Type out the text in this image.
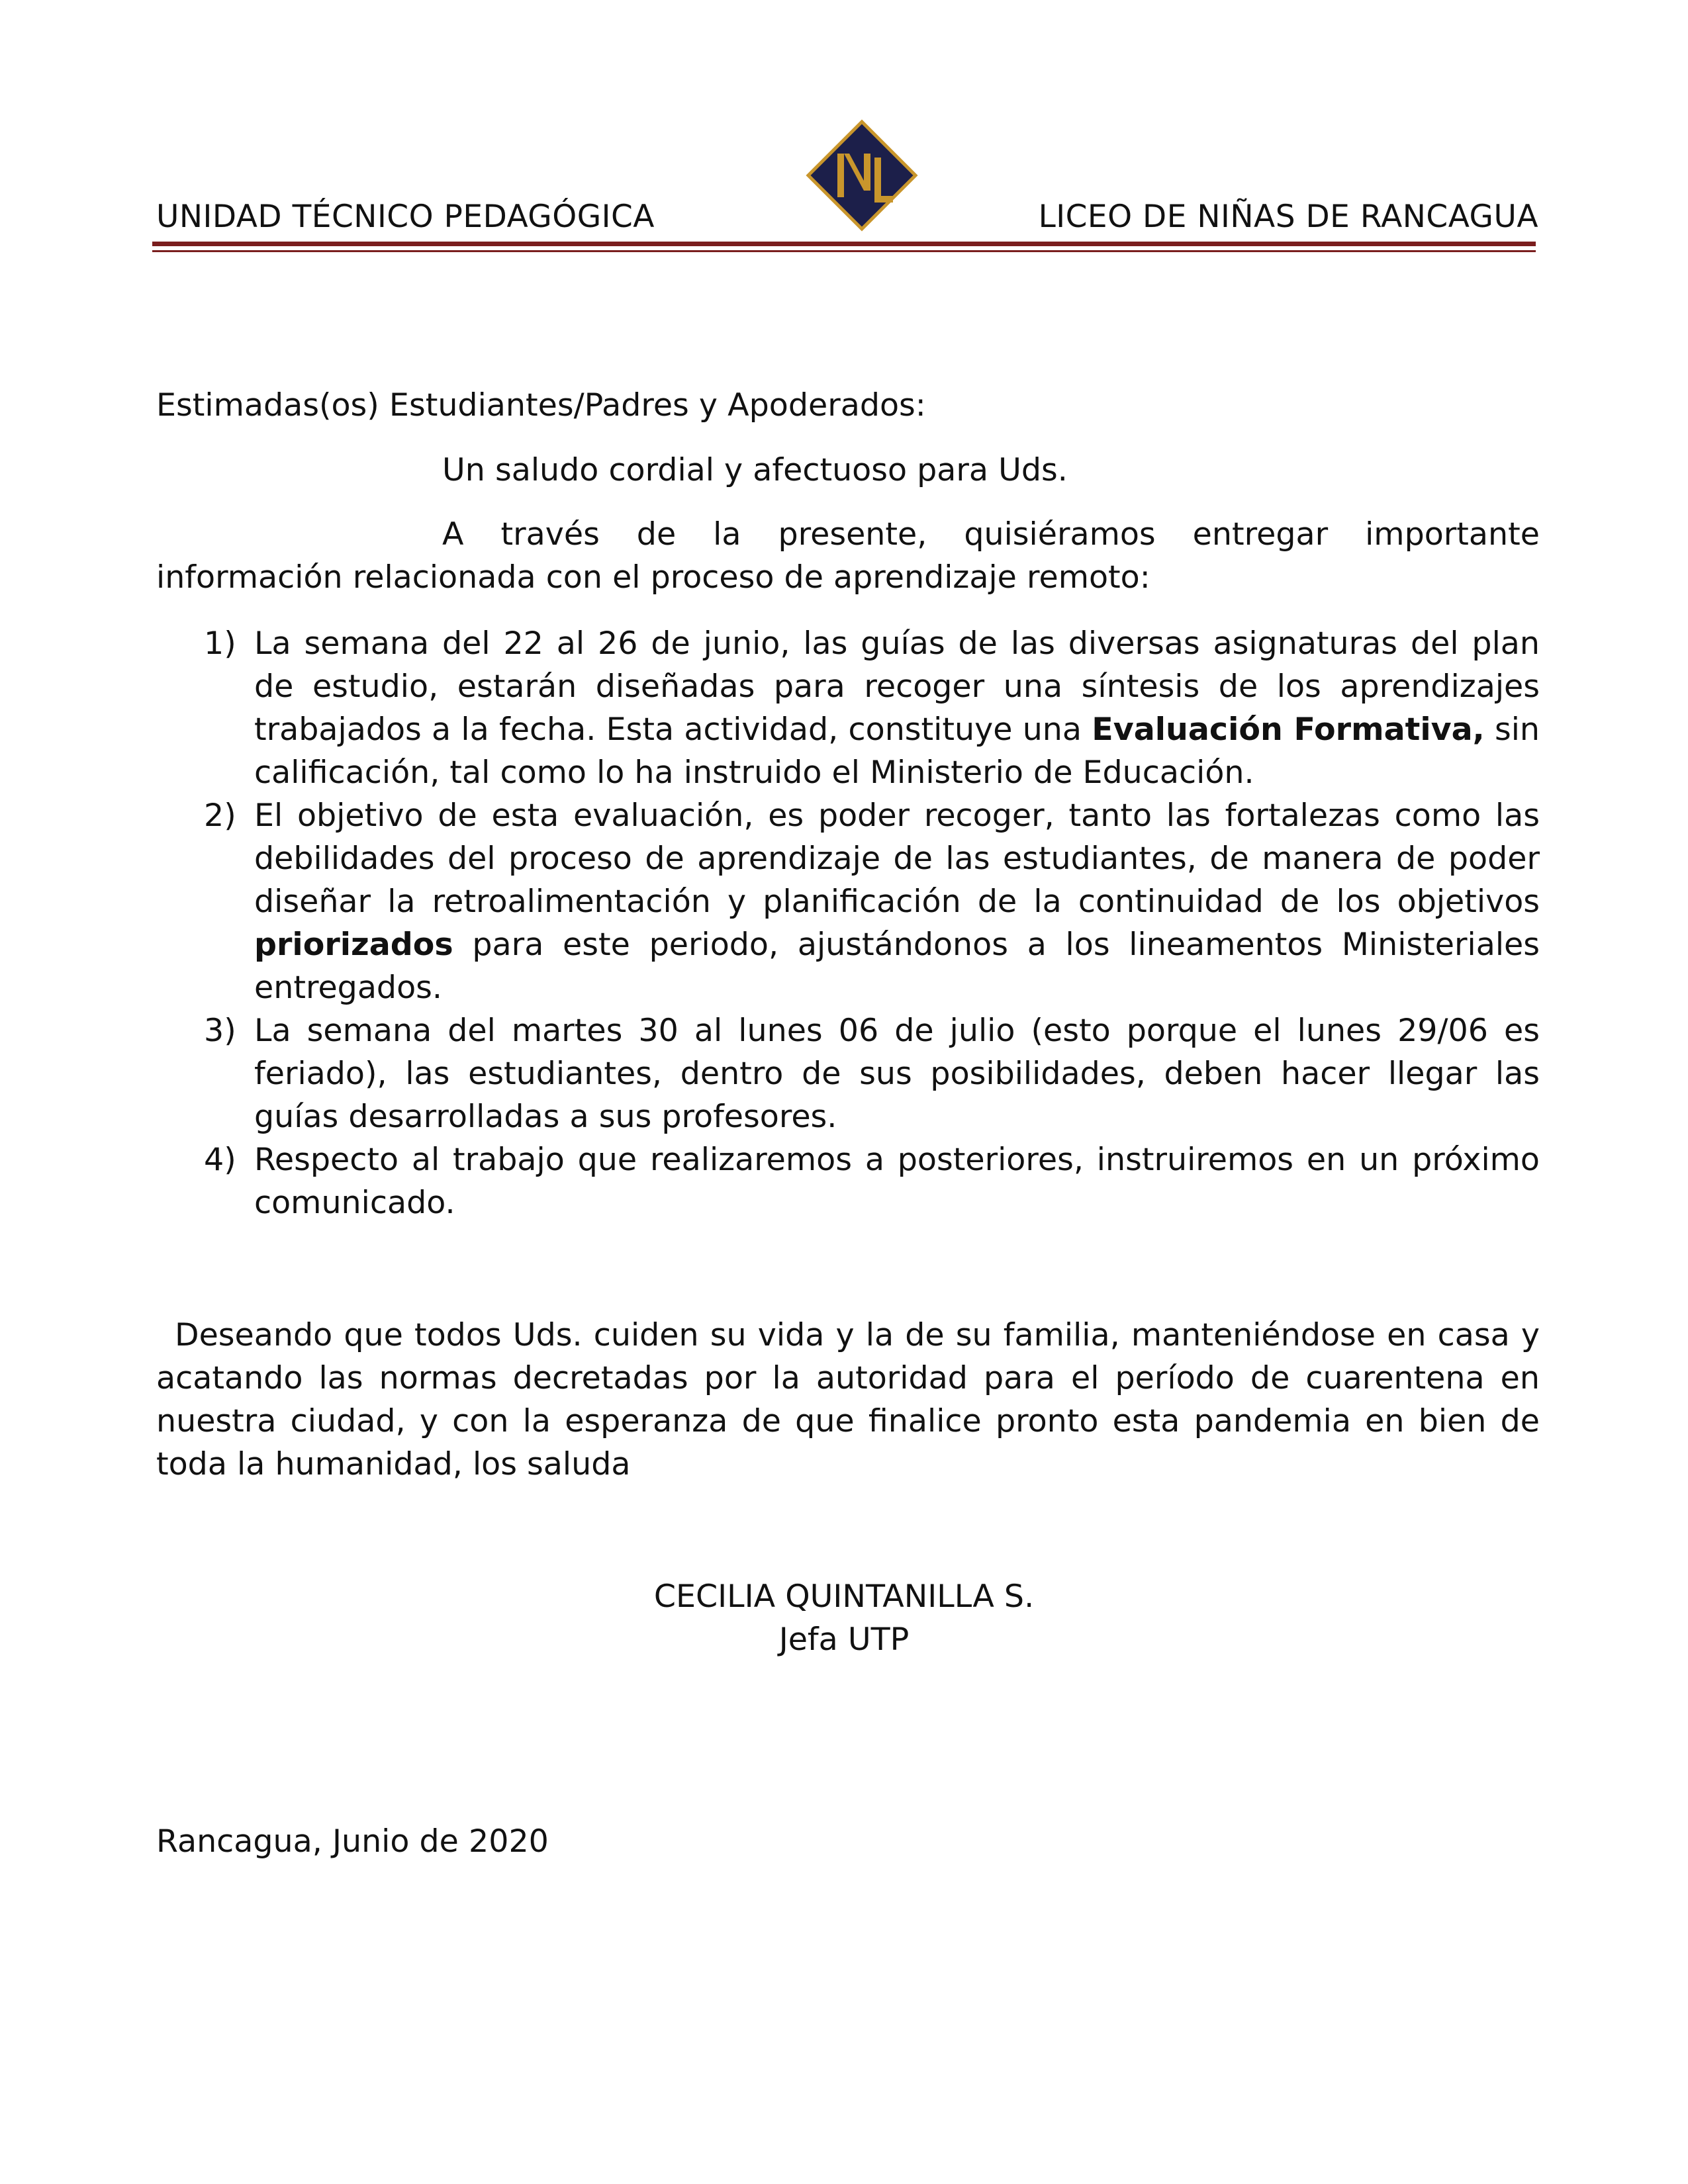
UNIDAD TÉCNICO PEDAGÓGICA	LICEO DE NIÑAS DE RANCAGUA
Estimadas(os) Estudiantes/Padres y Apoderados:
Un saludo cordial y afectuoso para Uds.
A través de la presente, quisiéramos entregar importante información relacionada con el proceso de aprendizaje remoto:
1) La semana del 22 al 26 de junio, las guías de las diversas asignaturas del plan de estudio, estarán diseñadas para recoger una síntesis de los aprendizajes trabajados a la fecha. Esta actividad, constituye una Evaluación Formativa, sin calificación, tal como lo ha instruido el Ministerio de Educación.
2) El objetivo de esta evaluación, es poder recoger, tanto las fortalezas como las debilidades del proceso de aprendizaje de las estudiantes, de manera de poder diseñar la retroalimentación y planificación de la continuidad de los objetivos priorizados para este periodo, ajustándonos a los lineamentos Ministeriales entregados.
3) La semana del martes 30 al lunes 06 de julio (esto porque el lunes 29/06 es feriado), las estudiantes, dentro de sus posibilidades, deben hacer llegar las guías desarrolladas a sus profesores.
4) Respecto al trabajo que realizaremos a posteriores, instruiremos en un próximo comunicado.
Deseando que todos Uds. cuiden su vida y la de su familia, manteniéndose en casa y acatando las normas decretadas por la autoridad para el período de cuarentena en nuestra ciudad, y con la esperanza de que finalice pronto esta pandemia en bien de toda la humanidad, los saluda
CECILIA QUINTANILLA S.
Jefa UTP
Rancagua, Junio de 2020
